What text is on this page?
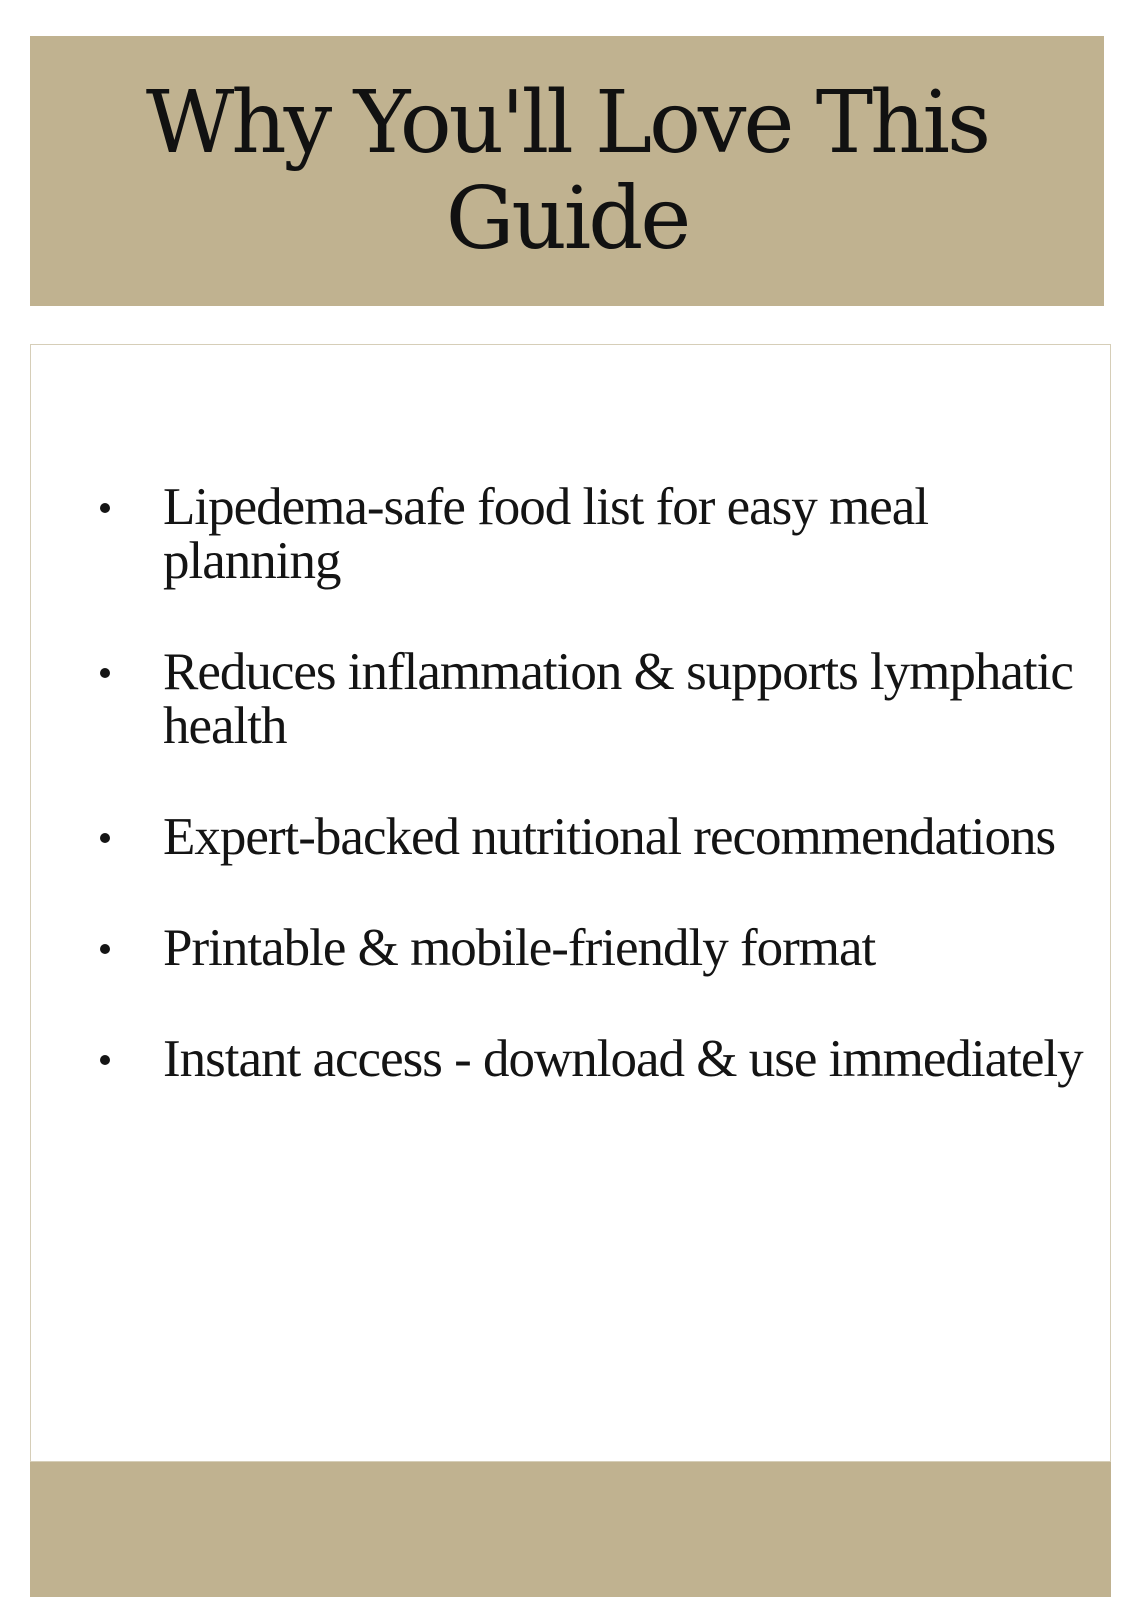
Why You'll Love This Guide
Lipedema-safe food list for easy meal planning
Reduces inflammation & supports lymphatic health
Expert-backed nutritional recommendations
Printable & mobile-friendly format
Instant access - download & use immediately
